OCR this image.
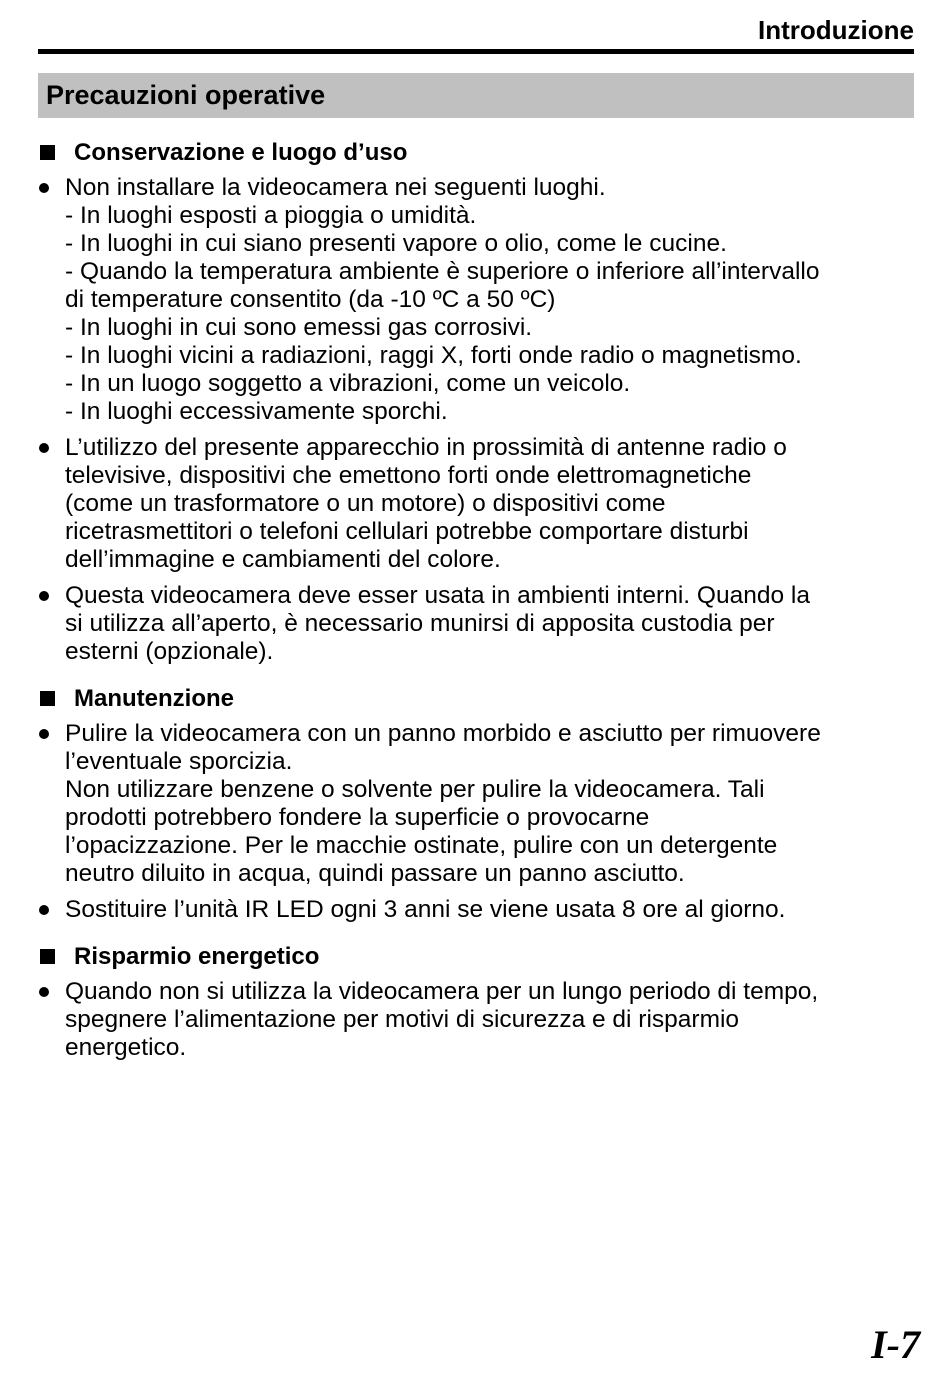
Introduzione
Precauzioni operative
Conservazione e luogo d’uso
Non installare la videocamera nei seguenti luoghi.
- In luoghi esposti a pioggia o umidità.
- In luoghi in cui siano presenti vapore o olio, come le cucine.
- Quando la temperatura ambiente è superiore o inferiore all’intervallo
di temperature consentito (da -10 ºC a 50 ºC)
- In luoghi in cui sono emessi gas corrosivi.
- In luoghi vicini a radiazioni, raggi X, forti onde radio o magnetismo.
- In un luogo soggetto a vibrazioni, come un veicolo.
- In luoghi eccessivamente sporchi.
L’utilizzo del presente apparecchio in prossimità di antenne radio o
televisive, dispositivi che emettono forti onde elettromagnetiche
(come un trasformatore o un motore) o dispositivi come
ricetrasmettitori o telefoni cellulari potrebbe comportare disturbi
dell’immagine e cambiamenti del colore.
Questa videocamera deve esser usata in ambienti interni. Quando la
si utilizza all’aperto, è necessario munirsi di apposita custodia per
esterni (opzionale).
Manutenzione
Pulire la videocamera con un panno morbido e asciutto per rimuovere
l’eventuale sporcizia.
Non utilizzare benzene o solvente per pulire la videocamera. Tali
prodotti potrebbero fondere la superficie o provocarne
l’opacizzazione. Per le macchie ostinate, pulire con un detergente
neutro diluito in acqua, quindi passare un panno asciutto.
Sostituire l’unità IR LED ogni 3 anni se viene usata 8 ore al giorno.
Risparmio energetico
Quando non si utilizza la videocamera per un lungo periodo di tempo,
spegnere l’alimentazione per motivi di sicurezza e di risparmio
energetico.
I-7
